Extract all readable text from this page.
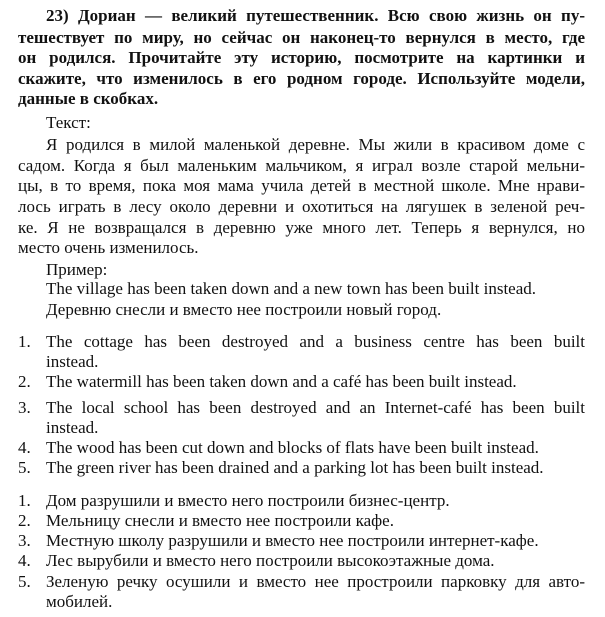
23) Дориан — великий путешественник. Всю свою жизнь он пу-
тешествует по миру, но сейчас он наконец-то вернулся в место, где
он родился. Прочитайте эту историю, посмотрите на картинки и
скажите, что изменилось в его родном городе. Используйте модели,
данные в скобках.
Текст:
Я родился в милой маленькой деревне. Мы жили в красивом доме с
садом. Когда я был маленьким мальчиком, я играл возле старой мельни-
цы, в то время, пока моя мама учила детей в местной школе. Мне нрави-
лось играть в лесу около деревни и охотиться на лягушек в зеленой реч-
ке. Я не возвращался в деревню уже много лет. Теперь я вернулся, но
место очень изменилось.
Пример:
The village has been taken down and a new town has been built instead.
Деревню снесли и вместо нее построили новый город.
1. The cottage has been destroyed and a business centre has been built
instead.
2. The watermill has been taken down and a café has been built instead.
3. The local school has been destroyed and an Internet-café has been built
instead.
4. The wood has been cut down and blocks of flats have been built instead.
5. The green river has been drained and a parking lot has been built instead.
1. Дом разрушили и вместо него построили бизнес-центр.
2. Мельницу снесли и вместо нее построили кафе.
3. Местную школу разрушили и вместо нее построили интернет-кафе.
4. Лес вырубили и вместо него построили высокоэтажные дома.
5. Зеленую речку осушили и вместо нее простроили парковку для авто-
мобилей.
